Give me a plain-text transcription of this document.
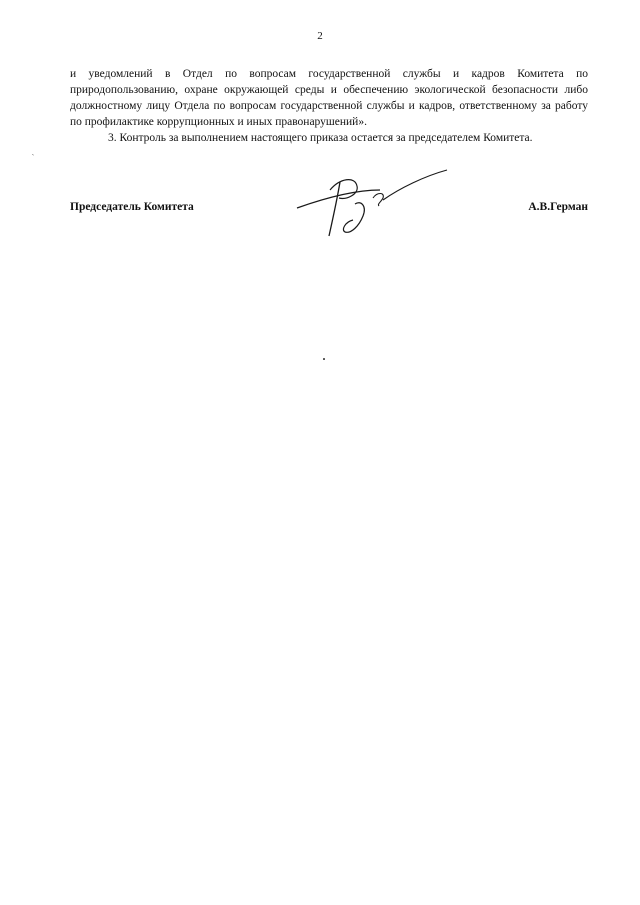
2

и уведомлений в Отдел по вопросам государственной службы и кадров Комитета по природопользованию, охране окружающей среды и обеспечению экологической безопасности либо должностному лицу Отдела по вопросам государственной службы и кадров, ответственному за работу по профилактике коррупционных и иных правонарушений».

3. Контроль за выполнением настоящего приказа остается за председателем Комитета.

‵
Председатель Комитета	А.В.Герман
